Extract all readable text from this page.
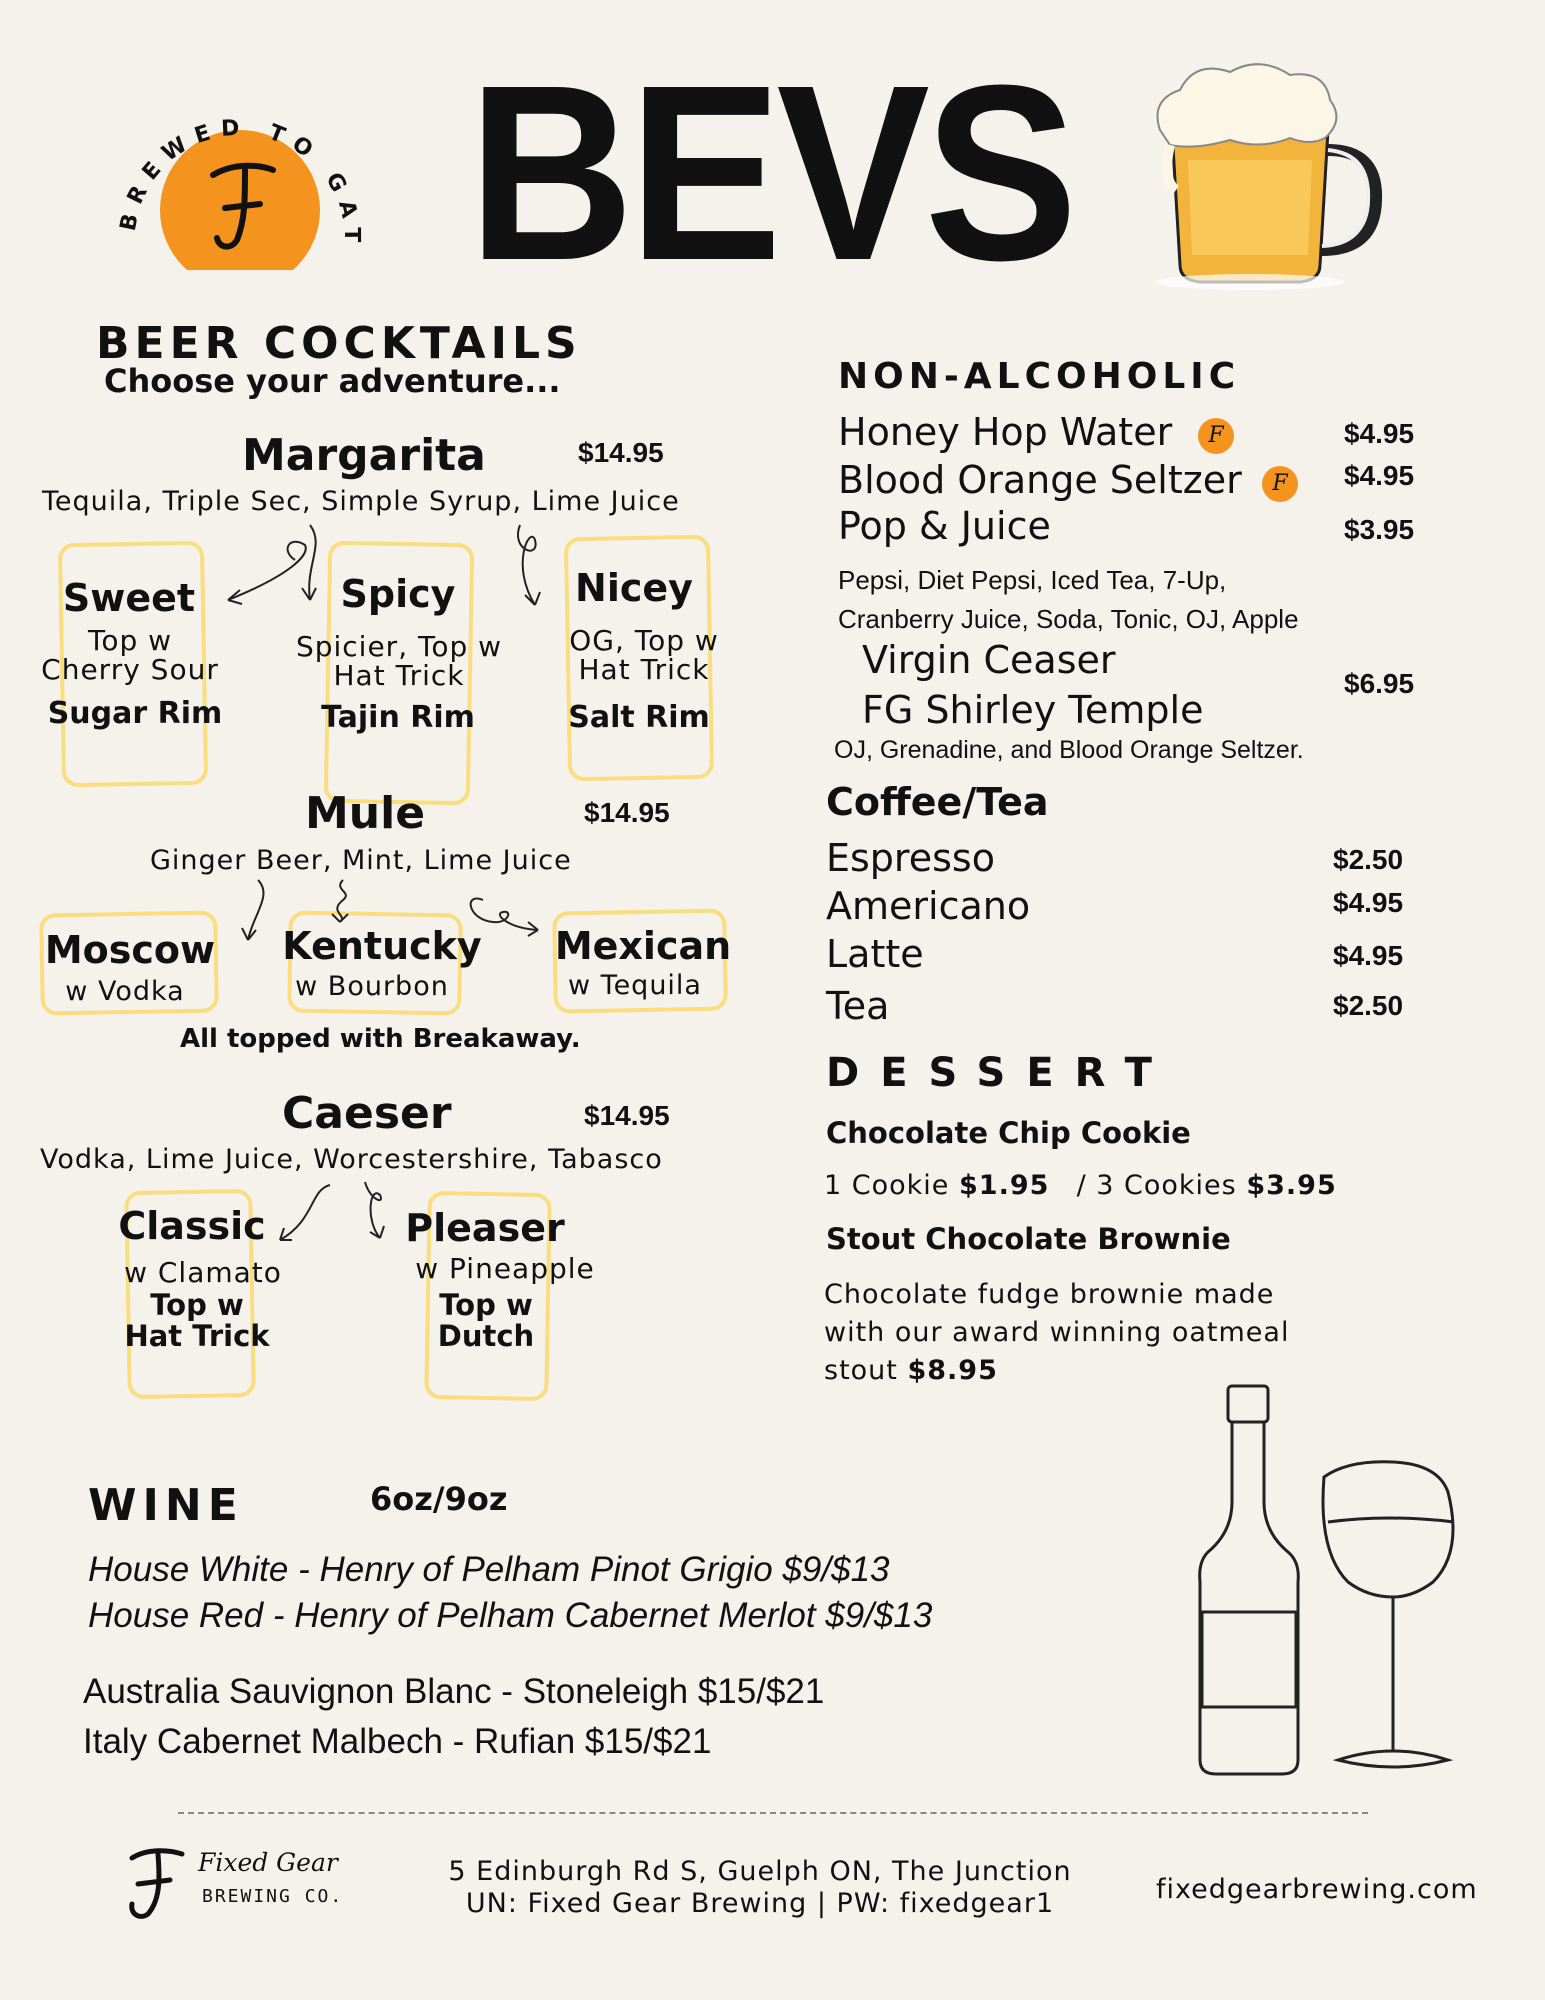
BREWED TO GAT BEVS
BEER COCKTAILS
Choose your adventure...
Margarita	$14.95
Tequila, Triple Sec, Simple Syrup, Lime Juice
Sweet
Top w
Cherry Sour
Sugar Rim
Spicy
Spicier, Top w
Hat Trick
Tajin Rim
Nicey
OG, Top w
Hat Trick
Salt Rim
Mule	$14.95
Ginger Beer, Mint, Lime Juice
Moscow
w Vodka
Kentucky
w Bourbon
Mexican
w Tequila
All topped with Breakaway.
Caeser	$14.95
Vodka, Lime Juice, Worcestershire, Tabasco
Classic
w Clamato
Top w
Hat Trick
Pleaser
w Pineapple
Top w
Dutch
NON-ALCOHOLIC
Honey Hop Water	F	$4.95
Blood Orange Seltzer	F	$4.95
Pop & Juice	$3.95
Pepsi, Diet Pepsi, Iced Tea, 7-Up,
Cranberry Juice, Soda, Tonic, OJ, Apple
Virgin Ceaser
FG Shirley Temple
$6.95
OJ, Grenadine, and Blood Orange Seltzer.
Coffee/Tea
Espresso	$2.50
Americano	$4.95
Latte	$4.95
Tea	$2.50
DESSERT
Chocolate Chip Cookie
1 Cookie $1.95 / 3 Cookies $3.95
Stout Chocolate Brownie
Chocolate fudge brownie made
with our award winning oatmeal
stout $8.95
WINE	6oz/9oz
House White - Henry of Pelham Pinot Grigio $9/$13
House Red - Henry of Pelham Cabernet Merlot $9/$13
Australia Sauvignon Blanc - Stoneleigh $15/$21
Italy Cabernet Malbech - Rufian $15/$21
Fixed Gear
BREWING CO.
5 Edinburgh Rd S, Guelph ON, The Junction
UN: Fixed Gear Brewing | PW: fixedgear1	fixedgearbrewing.com
